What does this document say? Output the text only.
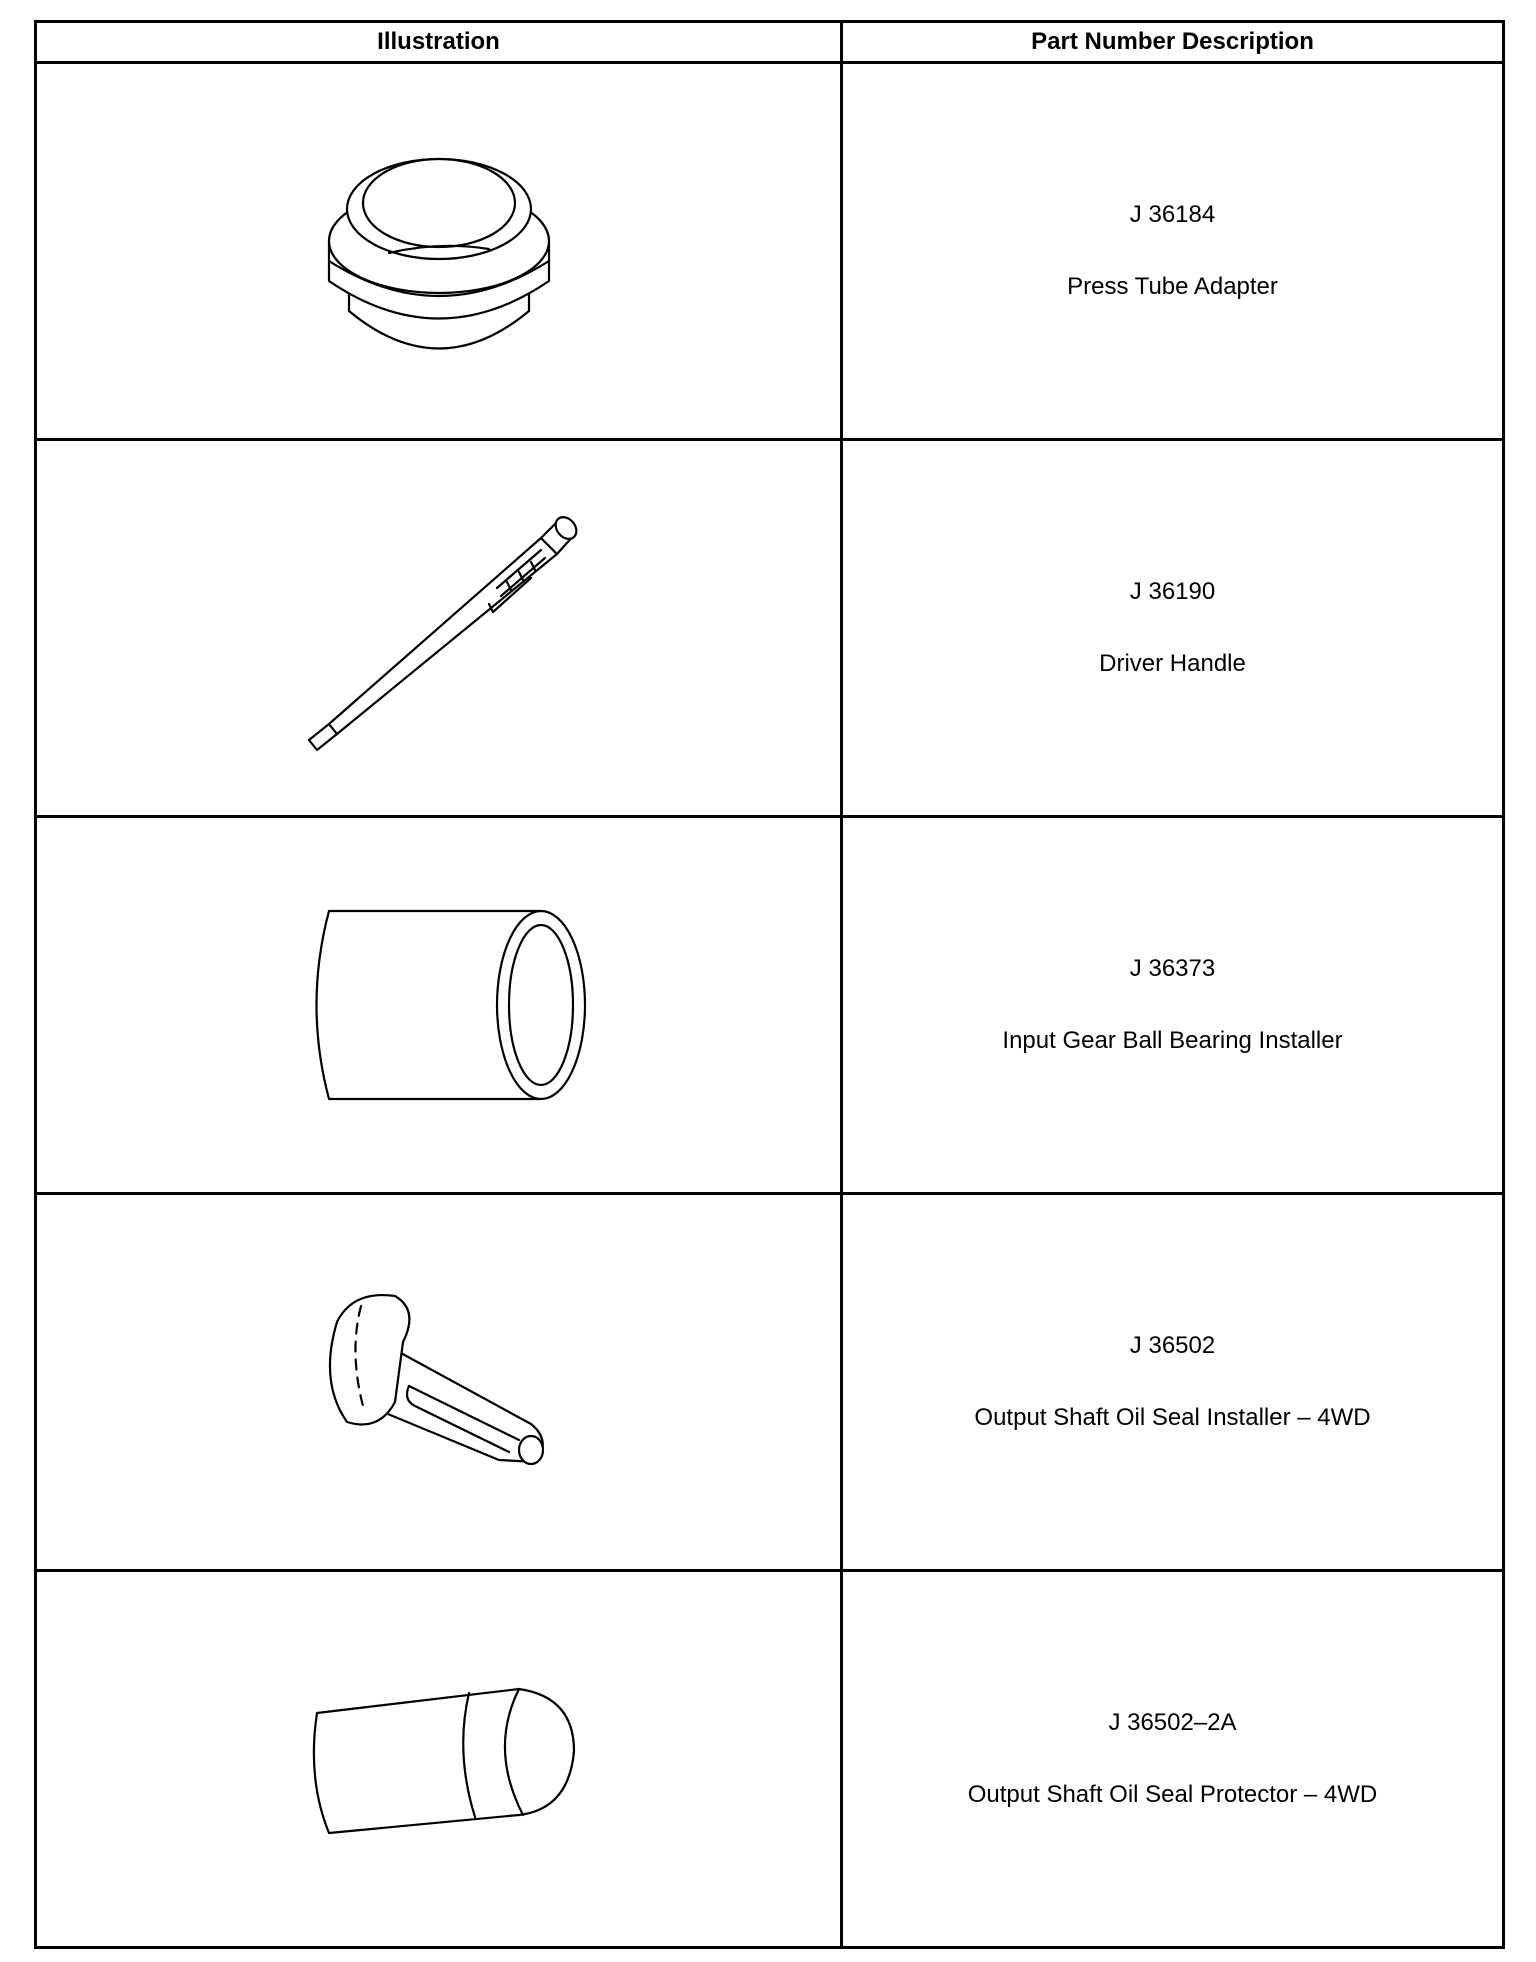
Illustration	Part Number Description

J 36184
Press Tube Adapter

J 36190
Driver Handle

J 36373
Input Gear Ball Bearing Installer

J 36502
Output Shaft Oil Seal Installer – 4WD

J 36502–2A
Output Shaft Oil Seal Protector – 4WD
